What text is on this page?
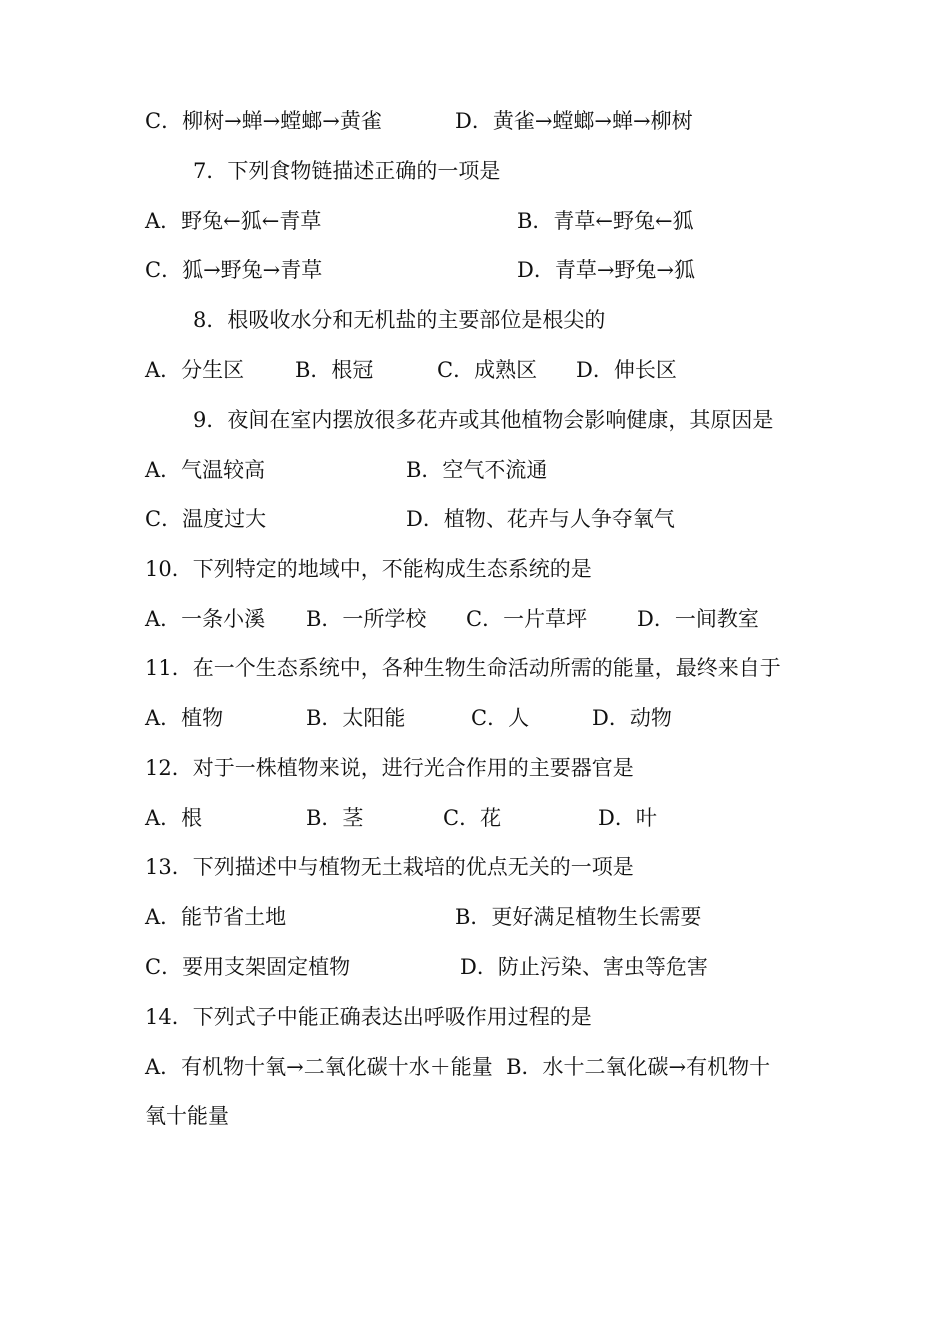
C．柳树→蝉→螳螂→黄雀	D．黄雀→螳螂→蝉→柳树
7．下列食物链描述正确的一项是
A．野兔←狐←青草	B．青草←野兔←狐
C．狐→野兔→青草	D．青草→野兔→狐
8．根吸收水分和无机盐的主要部位是根尖的
A．分生区 B．根冠	C．成熟区 D．伸长区
9．夜间在室内摆放很多花卉或其他植物会影响健康，其原因是
A．气温较高	B．空气不流通
C．温度过大	D．植物、花卉与人争夺氧气
10．下列特定的地域中，不能构成生态系统的是
A．一条小溪 B．一所学校 C．一片草坪 D．一间教室
11．在一个生态系统中，各种生物生命活动所需的能量，最终来自于
A．植物	B．太阳能	C．人	D．动物
12．对于一株植物来说，进行光合作用的主要器官是
A．根	B．茎	C．花	D．叶
13．下列描述中与植物无土栽培的优点无关的一项是
A．能节省土地	B．更好满足植物生长需要
C．要用支架固定植物	D．防止污染、害虫等危害
14．下列式子中能正确表达出呼吸作用过程的是
A．有机物十氧→二氧化碳十水＋能量  B．水十二氧化碳→有机物十
氧十能量
